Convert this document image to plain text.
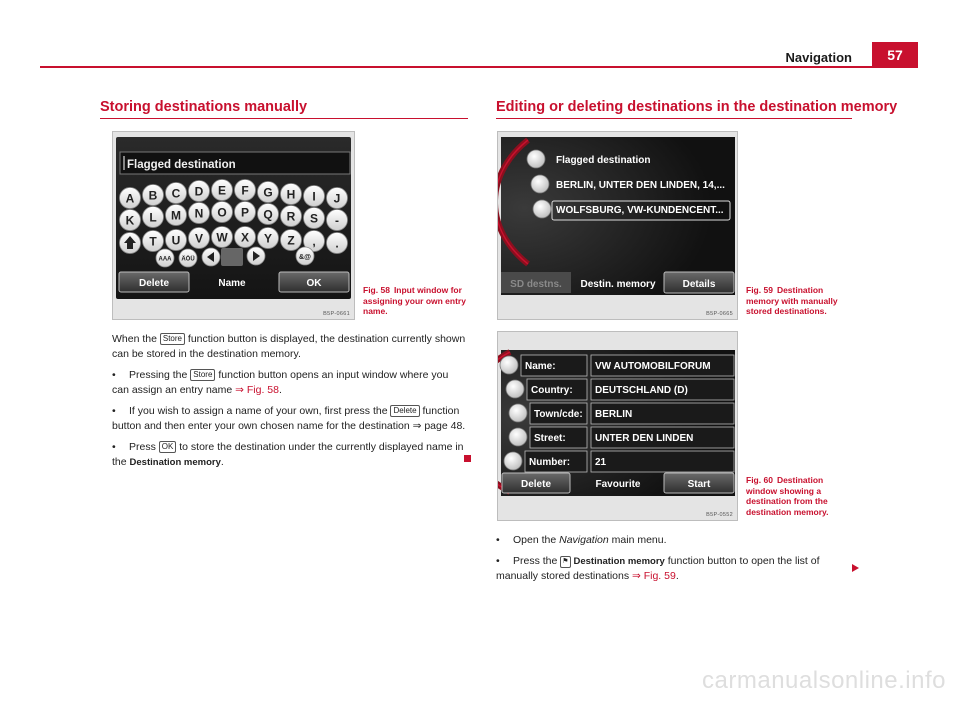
Navigation	57
Storing destinations manually
Flagged destination
A B C D E F G H I J
K L M N O P Q R S -
T U V W X Y Z , .
AAA ÄÖÜ	&@
Delete	Name	OK
B5P-0661
Fig. 58 Input window for assigning your own entry name.

When the Store function button is displayed, the destination currently shown can be stored in the destination memory.

• Pressing the Store function button opens an input window where you can assign an entry name ⇒ Fig. 58.

• If you wish to assign a name of your own, first press the Delete function button and then enter your own chosen name for the destination ⇒ page 48.

• Press OK to store the destination under the currently displayed name in the Destination memory.

Editing or deleting destinations in the destination memory
Flagged destination
BERLIN, UNTER DEN LINDEN, 14,...
WOLFSBURG, VW-KUNDENCENT...
SD destns. Destin. memory	Details
B5P-0665
Fig. 59 Destination memory with manually stored destinations.
Name:	VW AUTOMOBILFORUM
Country: DEUTSCHLAND (D)
Town/cde: BERLIN
Street:	UNTER DEN LINDEN
Number: 21
Delete	Favourite	Start
B5P-0552
Fig. 60 Destination window showing a destination from the destination memory.

• Open the Navigation main menu.

• Press the ⚑ Destination memory function button to open the list of manually stored destinations ⇒ Fig. 59.

carmanualsonline.info
